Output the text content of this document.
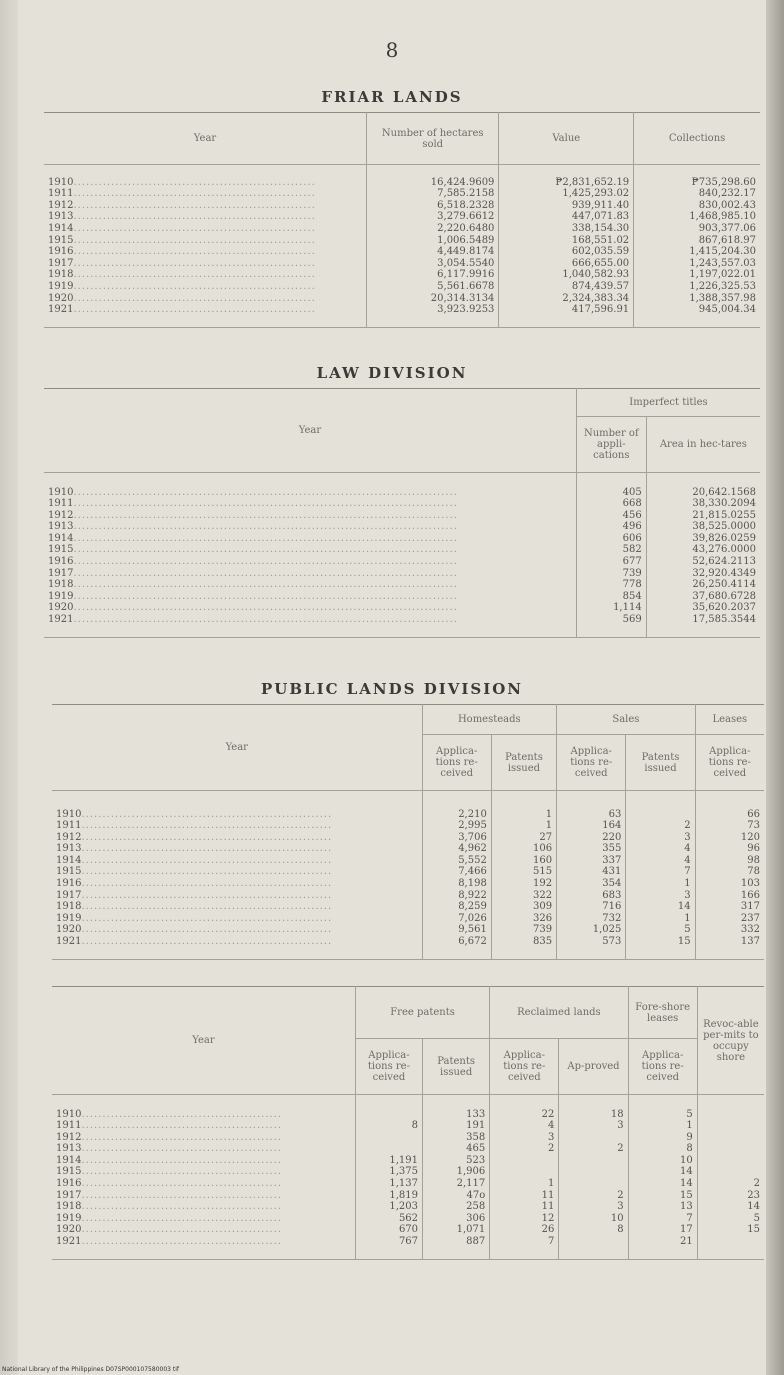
8
FRIAR LANDS
Year	Number of hectares sold	Value	Collections

1910..........................................................	16,424.9609	₱2,831,652.19	₱735,298.60
1911..........................................................	7,585.2158	1,425,293.02	840,232.17
1912..........................................................	6,518.2328	939,911.40	830,002.43
1913..........................................................	3,279.6612	447,071.83	1,468,985.10
1914..........................................................	2,220.6480	338,154.30	903,377.06
1915..........................................................	1,006.5489	168,551.02	867,618.97
1916..........................................................	4,449.8174	602,035.59	1,415,204.30
1917..........................................................	3,054.5540	666,655.00	1,243,557.03
1918..........................................................	6,117.9916	1,040,582.93	1,197,022.01
1919..........................................................	5,561.6678	874,439.57	1,226,325.53
1920..........................................................	20,314.3134	2,324,383.34	1,388,357.98
1921..........................................................	3,923.9253	417,596.91	945,004.34

LAW DIVISION
Year	Imperfect titles	
	Number of appli-cations	Area in hec-tares

1910............................................................................................	405	20,642.1568
1911............................................................................................	668	38,330.2094
1912............................................................................................	456	21,815.0255
1913............................................................................................	496	38,525.0000
1914............................................................................................	606	39,826.0259
1915............................................................................................	582	43,276.0000
1916............................................................................................	677	52,624.2113
1917............................................................................................	739	32,920.4349
1918............................................................................................	778	26,250.4114
1919............................................................................................	854	37,680.6728
1920............................................................................................	1,114	35,620.2037
1921............................................................................................	569	17,585.3544

PUBLIC LANDS DIVISION
Year	Homesteads		Sales		Leases
	Applica-tions re-ceived	Patents issued	Applica-tions re-ceived	Patents issued	Applica-tions re-ceived

1910............................................................	2,210	1	63		66
1911............................................................	2,995	1	164	2	73
1912............................................................	3,706	27	220	3	120
1913............................................................	4,962	106	355	4	96
1914............................................................	5,552	160	337	4	98
1915............................................................	7,466	515	431	7	78
1916............................................................	8,198	192	354	1	103
1917............................................................	8,922	322	683	3	166
1918............................................................	8,259	309	716	14	317
1919............................................................	7,026	326	732	1	237
1920............................................................	9,561	739	1,025	5	332
1921............................................................	6,672	835	573	15	137

Year	Free patents		Reclaimed lands		Fore-shore leases	Revoc-able per-mits to occupy shore
	Applica-tions re-ceived	Patents issued	Applica-tions re-ceived	Ap-proved	Applica-tions re-ceived	

1910................................................		133	22	18	5	
1911................................................	8	191	4	3	1	
1912................................................		358	3		9	
1913................................................		465	2	2	8	
1914................................................	1,191	523			10	
1915................................................	1,375	1,906			14	
1916................................................	1,137	2,117	1		14	2
1917................................................	1,819	47o	11	2	15	23
1918................................................	1,203	258	11	3	13	14
1919................................................	562	306	12	10	7	5
1920................................................	670	1,071	26	8	17	15
1921................................................	767	887	7		21	

National Library of the Philippines D07SP000107580003 tif
